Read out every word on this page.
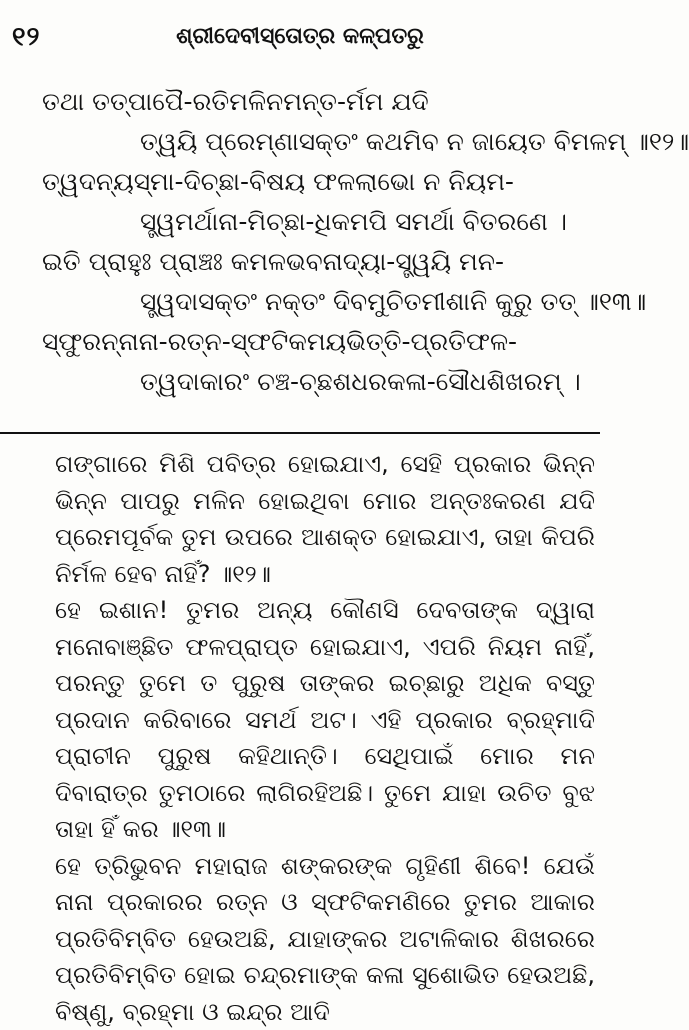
୧୨	ଶ୍ରୀଦେବୀସ୍ତୋତ୍ର କଳ୍ପତରୁ
ତଥା ତତ୍‌ପାପୈ-ରତିମଳିନମନ୍ତ-ର୍ମମ ଯଦି
ତ୍ୱୟି ପ୍ରେମ୍‌ଣାସକ୍ତଂ କଥମିବ ନ ଜାୟେତ ବିମଳମ୍ ॥୧୨॥
ତ୍ୱଦନ୍ୟସ୍ମା-ଦିଚ୍ଛା-ବିଷୟ ଫଳଲାଭୋ ନ ନିୟମ-
ସ୍ତ୍ୱମର୍ଥାନା-ମିଚ୍ଛା-ଧିକମପି ସମର୍ଥା ବିତରଣେ ।
ଇତି ପ୍ରାହୁଃ ପ୍ରାଞ୍ଚଃ କମଳଭବନାଦ୍ୟା-ସ୍ତ୍ୱୟି ମନ-
ସ୍ତ୍ୱଦାସକ୍ତଂ ନକ୍ତଂ ଦିବମୁଚିତମୀଶାନି କୁରୁ ତତ୍ ॥୧୩॥
ସ୍ଫୁରନ୍‌ନାନା-ରତ୍ନ-ସ୍ଫଟିକମୟଭିତ୍ତି-ପ୍ରତିଫଳ-
ତ୍ୱଦାକାରଂ ଚଞ୍ଚ-ଚ୍ଛଶଧରକଳା-ସୌଧଶିଖରମ୍ ।

ଗଙ୍ଗାରେ ମିଶି ପବିତ୍ର ହୋଇଯାଏ, ସେହି ପ୍ରକାର ଭିନ୍ନ ଭିନ୍ନ ପାପରୁ ମଳିନ ହୋଇଥିବା ମୋର ଅନ୍ତଃକରଣ ଯଦି ପ୍ରେମପୂର୍ବକ ତୁମ ଉପରେ ଆଶକ୍ତ ହୋଇଯାଏ, ତାହା କିପରି ନିର୍ମଳ ହେବ ନାହିଁ? ॥୧୨॥

ହେ ଇଶାନ! ତୁମର ଅନ୍ୟ କୌଣସି ଦେବତାଙ୍କ ଦ୍ୱାରା ମନୋବାଞ୍ଛିତ ଫଳପ୍ରାପ୍ତ ହୋଇଯାଏ, ଏପରି ନିୟମ ନାହିଁ, ପରନ୍ତୁ ତୁମେ ତ ପୁରୁଷ ତାଙ୍କର ଇଚ୍ଛାରୁ ଅଧିକ ବସ୍ତୁ ପ୍ରଦାନ କରିବାରେ ସମର୍ଥ ଅଟ। ଏହି ପ୍ରକାର ବ୍ରହ୍ମାଦି ପ୍ରାଚୀନ ପୁରୁଷ କହିଥାନ୍ତି। ସେଥିପାଇଁ ମୋର ମନ ଦିବାରାତ୍ର ତୁମଠାରେ ଲାଗିରହିଅଛି। ତୁମେ ଯାହା ଉଚିତ ବୁଝ ତାହା ହିଁ କର ॥୧୩॥

ହେ ତ୍ରିଭୁବନ ମହାରାଜ ଶଙ୍କରଙ୍କ ଗୃହିଣୀ ଶିବେ! ଯେଉଁ ନାନା ପ୍ରକାରର ରତ୍ନ ଓ ସ୍ଫଟିକମଣିରେ ତୁମର ଆକାର ପ୍ରତିବିମ୍ବିତ ହେଉଅଛି, ଯାହାଙ୍କର ଅଟାଳିକାର ଶିଖରରେ ପ୍ରତିବିମ୍ବିତ ହୋଇ ଚନ୍ଦ୍ରମାଙ୍କ କଳା ସୁଶୋଭିତ ହେଉଅଛି, ବିଷ୍ଣୁ, ବ୍ରହ୍ମା ଓ ଇନ୍ଦ୍ର ଆଦି
